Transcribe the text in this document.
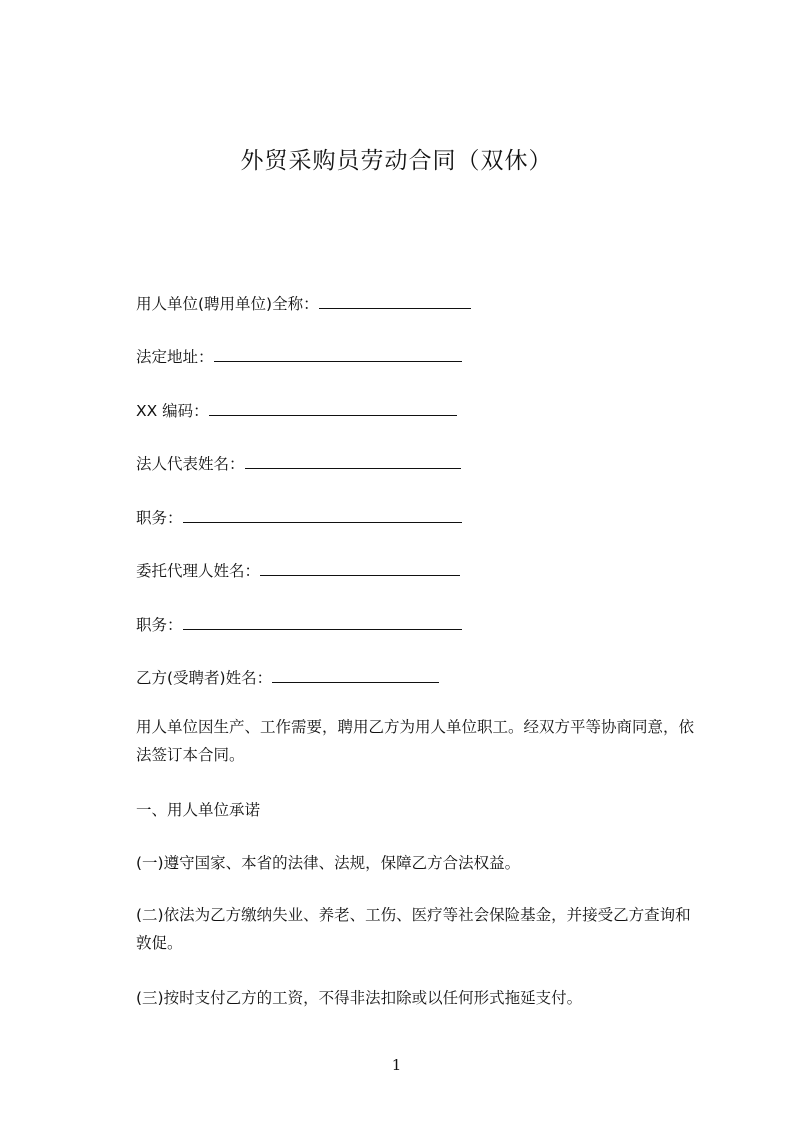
外贸采购员劳动合同（双休）
用人单位(聘用单位)全称：
法定地址：
XX 编码：
法人代表姓名：
职务：
委托代理人姓名：
职务：
乙方(受聘者)姓名：
用人单位因生产、工作需要，聘用乙方为用人单位职工。经双方平等协商同意，依法签订本合同。
一、用人单位承诺
(一)遵守国家、本省的法律、法规，保障乙方合法权益。
(二)依法为乙方缴纳失业、养老、工伤、医疗等社会保险基金，并接受乙方查询和敦促。
(三)按时支付乙方的工资，不得非法扣除或以任何形式拖延支付。
1
